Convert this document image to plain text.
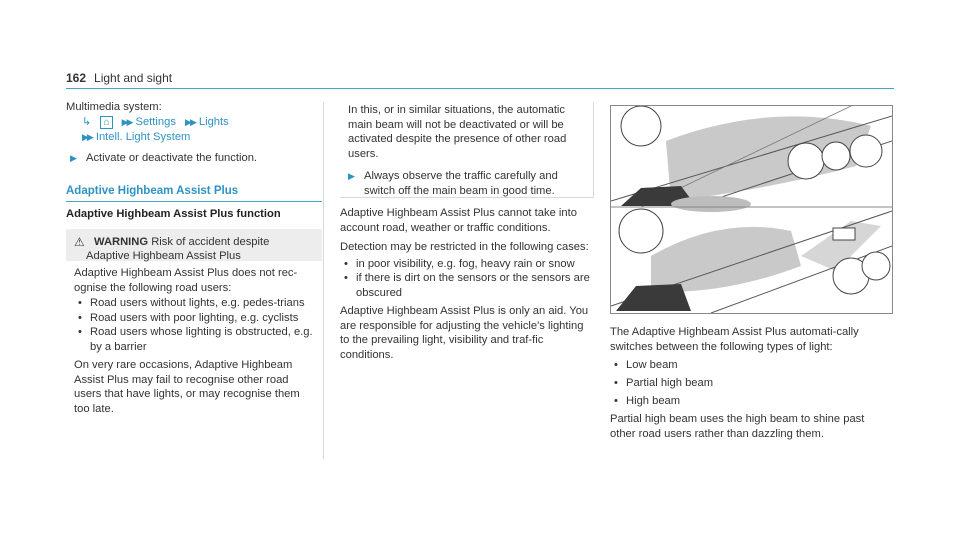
162 Light and sight

Multimedia system:

↳ ⌂ ▶▶ Settings ▶▶ Lights

▶▶ Intell. Light System

▶ Activate or deactivate the function.

Adaptive Highbeam Assist Plus
Adaptive Highbeam Assist Plus function

⚠ WARNING Risk of accident despite

Adaptive Highbeam Assist Plus

Adaptive Highbeam Assist Plus does not rec-ognise the following road users:

• Road users without lights, e.g. pedes-trians
• Road users with poor lighting, e.g. cyclists
• Road users whose lighting is obstructed, e.g. by a barrier

On very rare occasions, Adaptive Highbeam Assist Plus may fail to recognise other road users that have lights, or may recognise them too late.

In this, or in similar situations, the automatic main beam will not be deactivated or will be activated despite the presence of other road users.

▶ Always observe the traffic carefully and switch off the main beam in good time.

Adaptive Highbeam Assist Plus cannot take into account road, weather or traffic conditions.

Detection may be restricted in the following cases:

• in poor visibility, e.g. fog, heavy rain or snow
• if there is dirt on the sensors or the sensors are obscured

Adaptive Highbeam Assist Plus is only an aid. You are responsible for adjusting the vehicle's lighting to the prevailing light, visibility and traf-fic conditions.

The Adaptive Highbeam Assist Plus automati-cally switches between the following types of light:

• Low beam
• Partial high beam
• High beam

Partial high beam uses the high beam to shine past other road users rather than dazzling them.
